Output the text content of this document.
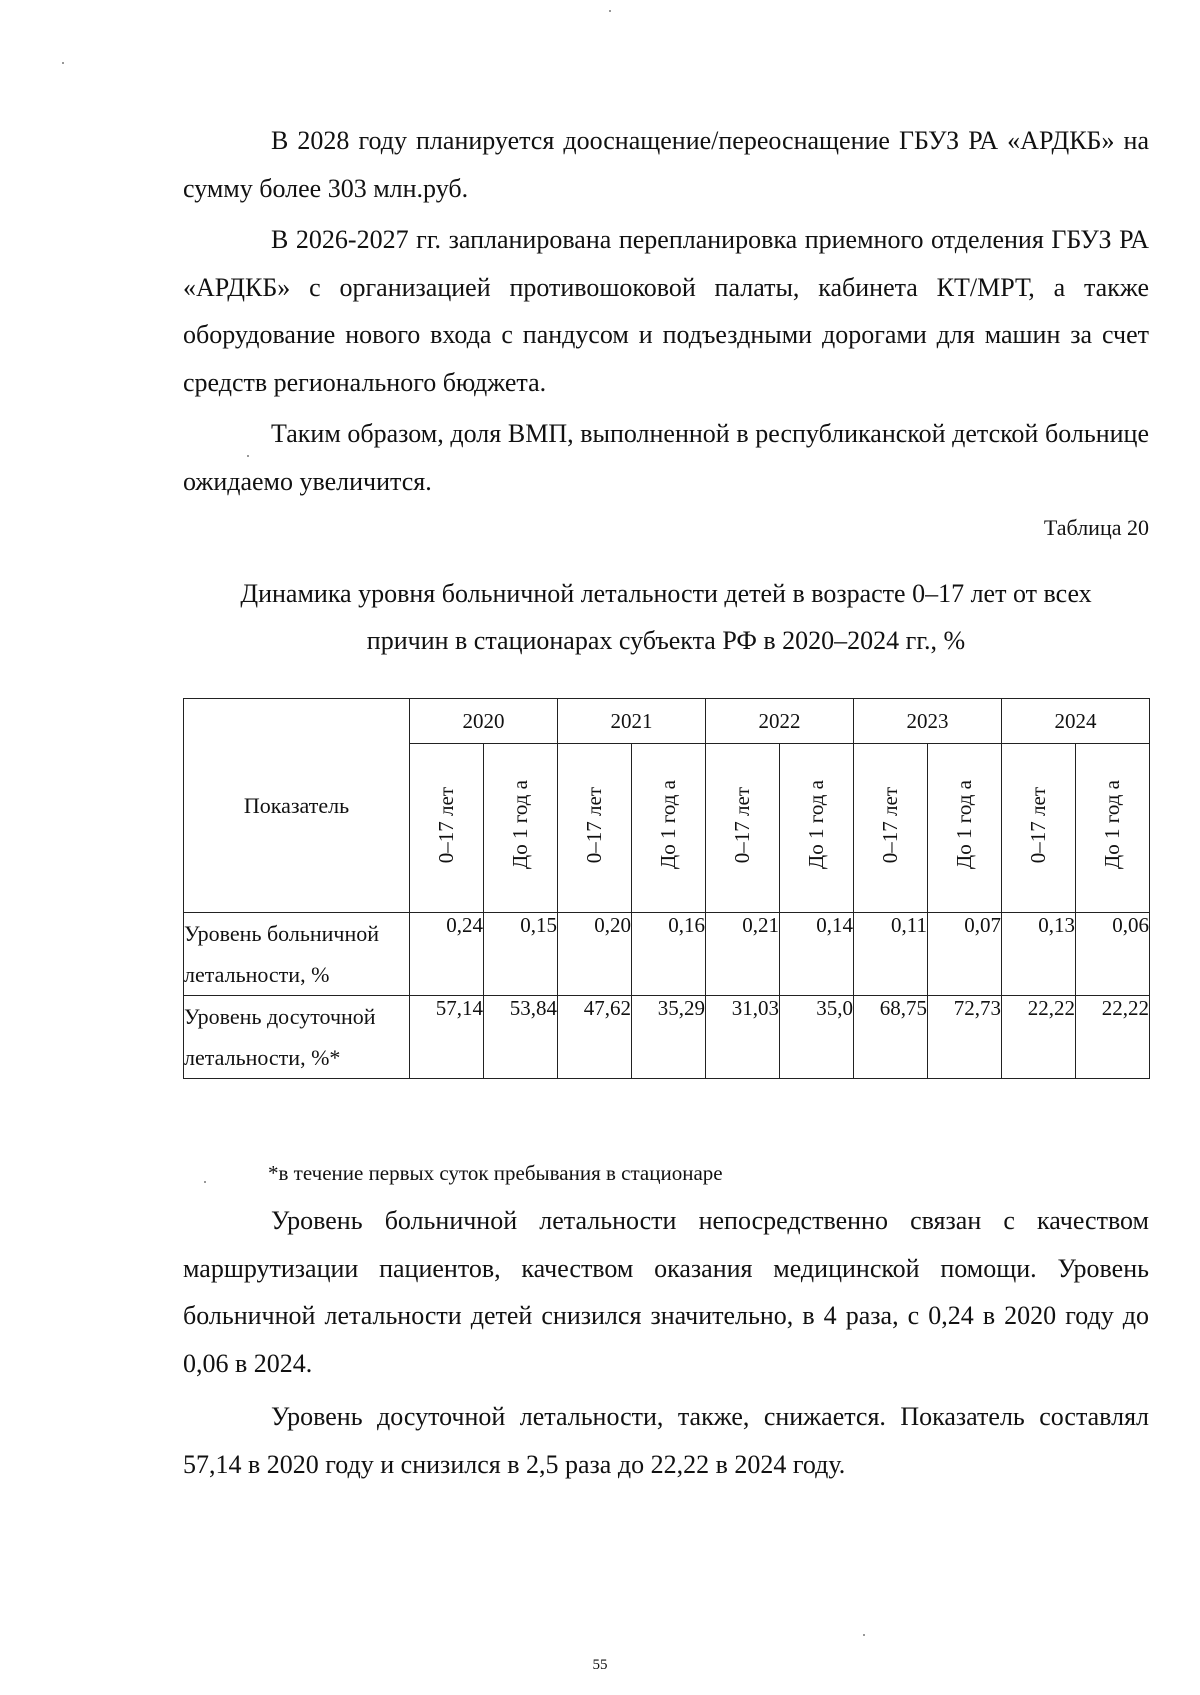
В 2028 году планируется дооснащение/переоснащение ГБУЗ РА «АРДКБ» на сумму более 303 млн.руб.

В 2026-2027 гг. запланирована перепланировка приемного отделения ГБУЗ РА «АРДКБ» с организацией противошоковой палаты, кабинета КТ/МРТ, а также оборудование нового входа с пандусом и подъездными дорогами для машин за счет средств регионального бюджета.

Таким образом, доля ВМП, выполненной в республиканской детской больнице ожидаемо увеличится.

Таблица 20
Динамика уровня больничной летальности детей в возрасте 0–17 лет от всех
причин в стационарах субъекта РФ в 2020–2024 гг., %
Показатель	2020		2021		2022		2023		2024	
	0–17 лет	До 1 год а	0–17 лет	До 1 год а	0–17 лет	До 1 год а	0–17 лет	До 1 год а	0–17 лет	До 1 год а
Уровень больничной летальности, %	0,24	0,15	0,20	0,16	0,21	0,14	0,11	0,07	0,13	0,06
Уровень досуточной летальности, %*	57,14	53,84	47,62	35,29	31,03	35,0	68,75	72,73	22,22	22,22
*в течение первых суток пребывания в стационаре

Уровень больничной летальности непосредственно связан с качеством маршрутизации пациентов, качеством оказания медицинской помощи. Уровень больничной летальности детей снизился значительно, в 4 раза, с 0,24 в 2020 году до 0,06 в 2024.

Уровень досуточной летальности, также, снижается. Показатель составлял 57,14 в 2020 году и снизился в 2,5 раза до 22,22 в 2024 году.

55
